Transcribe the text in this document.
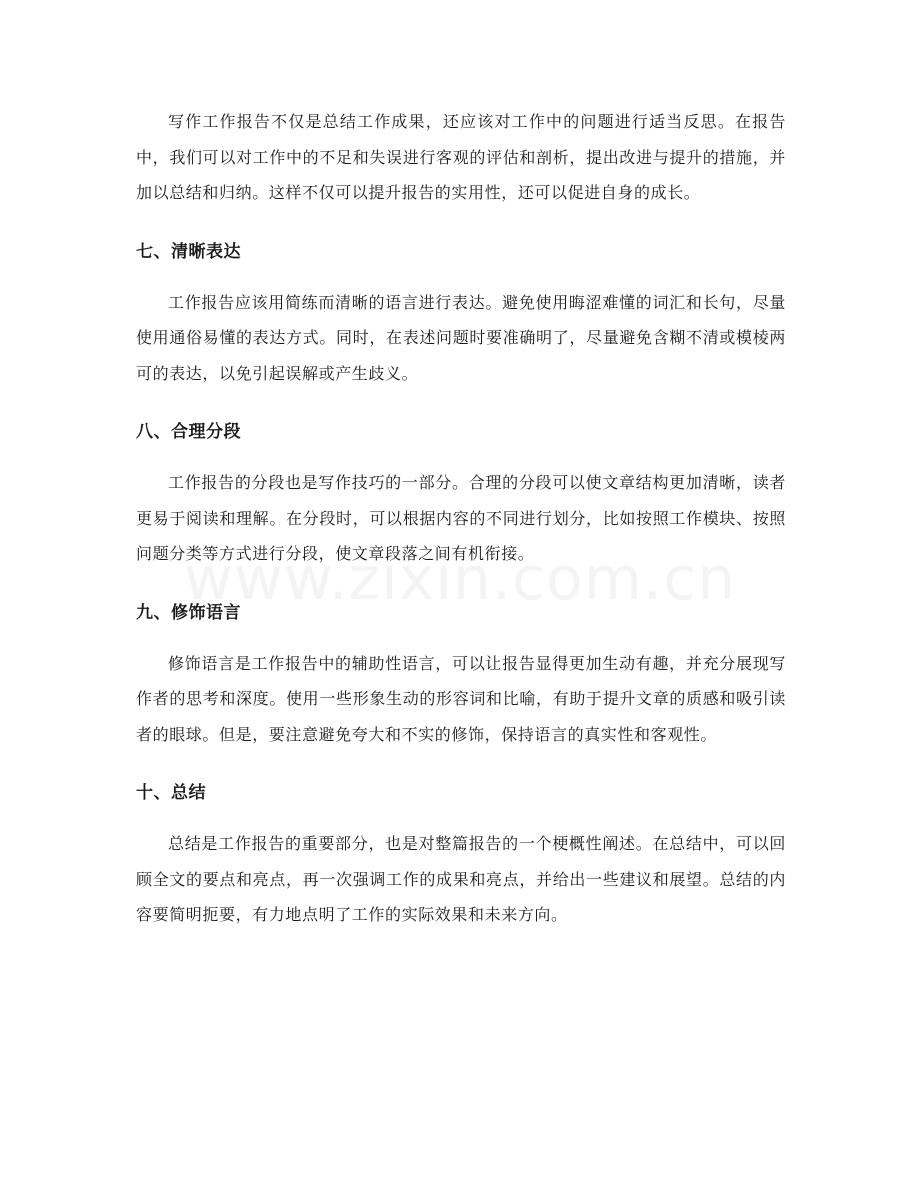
写作工作报告不仅是总结工作成果，还应该对工作中的问题进行适当反思。在报告中，我们可以对工作中的不足和失误进行客观的评估和剖析，提出改进与提升的措施，并加以总结和归纳。这样不仅可以提升报告的实用性，还可以促进自身的成长。

七、清晰表达

工作报告应该用简练而清晰的语言进行表达。避免使用晦涩难懂的词汇和长句，尽量使用通俗易懂的表达方式。同时，在表述问题时要准确明了，尽量避免含糊不清或模棱两可的表达，以免引起误解或产生歧义。

八、合理分段

工作报告的分段也是写作技巧的一部分。合理的分段可以使文章结构更加清晰，读者更易于阅读和理解。在分段时，可以根据内容的不同进行划分，比如按照工作模块、按照问题分类等方式进行分段，使文章段落之间有机衔接。

九、修饰语言

修饰语言是工作报告中的辅助性语言，可以让报告显得更加生动有趣，并充分展现写作者的思考和深度。使用一些形象生动的形容词和比喻，有助于提升文章的质感和吸引读者的眼球。但是，要注意避免夸大和不实的修饰，保持语言的真实性和客观性。

十、总结

总结是工作报告的重要部分，也是对整篇报告的一个梗概性阐述。在总结中，可以回顾全文的要点和亮点，再一次强调工作的成果和亮点，并给出一些建议和展望。总结的内容要简明扼要，有力地点明了工作的实际效果和未来方向。
